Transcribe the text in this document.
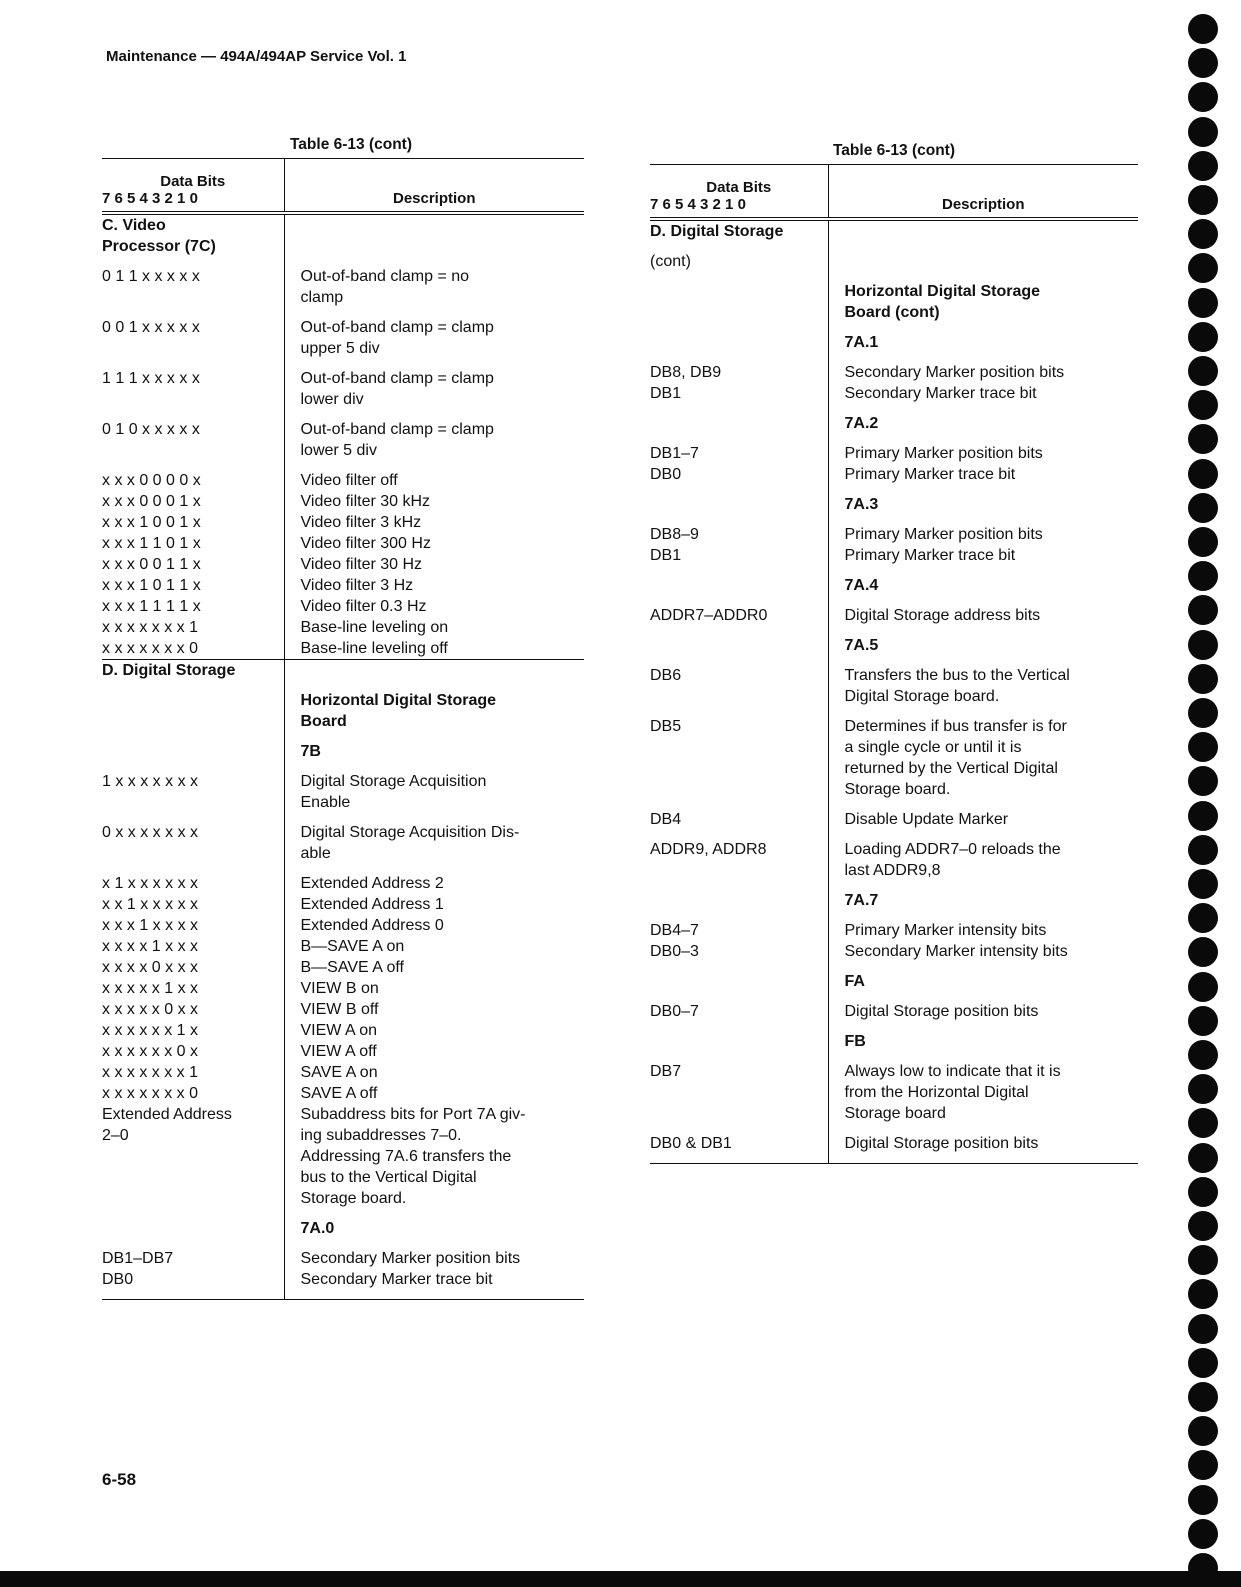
Maintenance — 494A/494AP Service Vol. 1
Table 6-13 (cont)
Data Bits
7 6 5 4 3 2 1 0	Description
C. Video
Processor (7C)	
0 1 1 x x x x x	Out-of-band clamp = no
clamp
0 0 1 x x x x x	Out-of-band clamp = clamp
upper 5 div
1 1 1 x x x x x	Out-of-band clamp = clamp
lower div
0 1 0 x x x x x	Out-of-band clamp = clamp
lower 5 div
x x x 0 0 0 0 x	Video filter off
x x x 0 0 0 1 x	Video filter 30 kHz
x x x 1 0 0 1 x	Video filter 3 kHz
x x x 1 1 0 1 x	Video filter 300 Hz
x x x 0 0 1 1 x	Video filter 30 Hz
x x x 1 0 1 1 x	Video filter 3 Hz
x x x 1 1 1 1 x	Video filter 0.3 Hz
x x x x x x x 1	Base-line leveling on
x x x x x x x 0	Base-line leveling off
D. Digital Storage	
	Horizontal Digital Storage
Board
	7B
1 x x x x x x x	Digital Storage Acquisition
Enable
0 x x x x x x x	Digital Storage Acquisition Dis-
able
x 1 x x x x x x	Extended Address 2
x x 1 x x x x x	Extended Address 1
x x x 1 x x x x	Extended Address 0
x x x x 1 x x x	B—SAVE A on
x x x x 0 x x x	B—SAVE A off
x x x x x 1 x x	VIEW B on
x x x x x 0 x x	VIEW B off
x x x x x x 1 x	VIEW A on
x x x x x x 0 x	VIEW A off
x x x x x x x 1	SAVE A on
x x x x x x x 0	SAVE A off
Extended Address
2–0	Subaddress bits for Port 7A giv-
ing subaddresses 7–0.
Addressing 7A.6 transfers the
bus to the Vertical Digital
Storage board.
	7A.0
DB1–DB7
DB0	Secondary Marker position bits
Secondary Marker trace bit
Table 6-13 (cont)
Data Bits
7 6 5 4 3 2 1 0	Description
D. Digital Storage	
(cont)	
	Horizontal Digital Storage
Board (cont)
	7A.1
DB8, DB9
DB1	Secondary Marker position bits
Secondary Marker trace bit
	7A.2
DB1–7
DB0	Primary Marker position bits
Primary Marker trace bit
	7A.3
DB8–9
DB1	Primary Marker position bits
Primary Marker trace bit
	7A.4
ADDR7–ADDR0	Digital Storage address bits
	7A.5
DB6	Transfers the bus to the Vertical
Digital Storage board.
DB5	Determines if bus transfer is for
a single cycle or until it is
returned by the Vertical Digital
Storage board.
DB4	Disable Update Marker
ADDR9, ADDR8	Loading ADDR7–0 reloads the
last ADDR9,8
	7A.7
DB4–7
DB0–3	Primary Marker intensity bits
Secondary Marker intensity bits
	FA
DB0–7	Digital Storage position bits
	FB
DB7	Always low to indicate that it is
from the Horizontal Digital
Storage board
DB0 & DB1	Digital Storage position bits
6-58
